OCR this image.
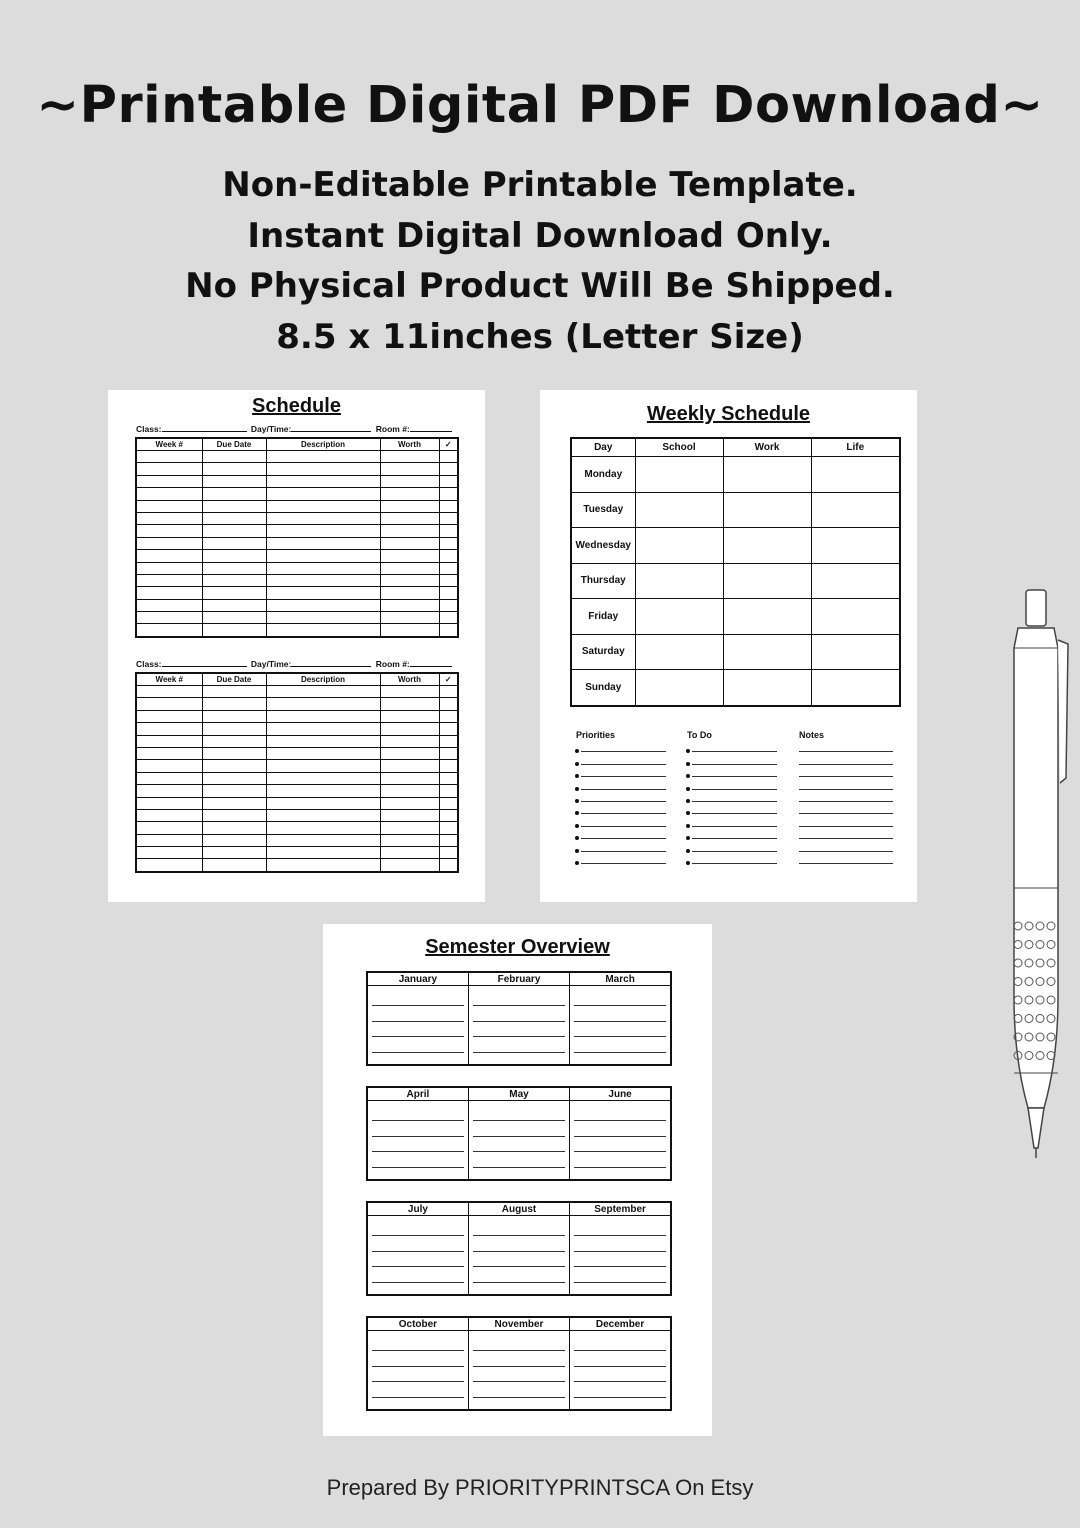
~Printable Digital PDF Download~
Non-Editable Printable Template.
Instant Digital Download Only.
No Physical Product Will Be Shipped.
8.5 x 11inches (Letter Size)
Schedule
Class:	Day/Time:	Room #:
Week #	Due Date	Description	Worth	✓

Class:	Day/Time:	Room #:
Week #	Due Date	Description	Worth	✓

Weekly Schedule
Day	School	Work	Life
Monday			
Tuesday			
Wednesday			
Thursday			
Friday			
Saturday			
Sunday			
Priorities	To Do	Notes
Semester Overview
January	February	March

April	May	June

July	August	September

October	November	December

Prepared By PRIORITYPRINTSCA On Etsy
